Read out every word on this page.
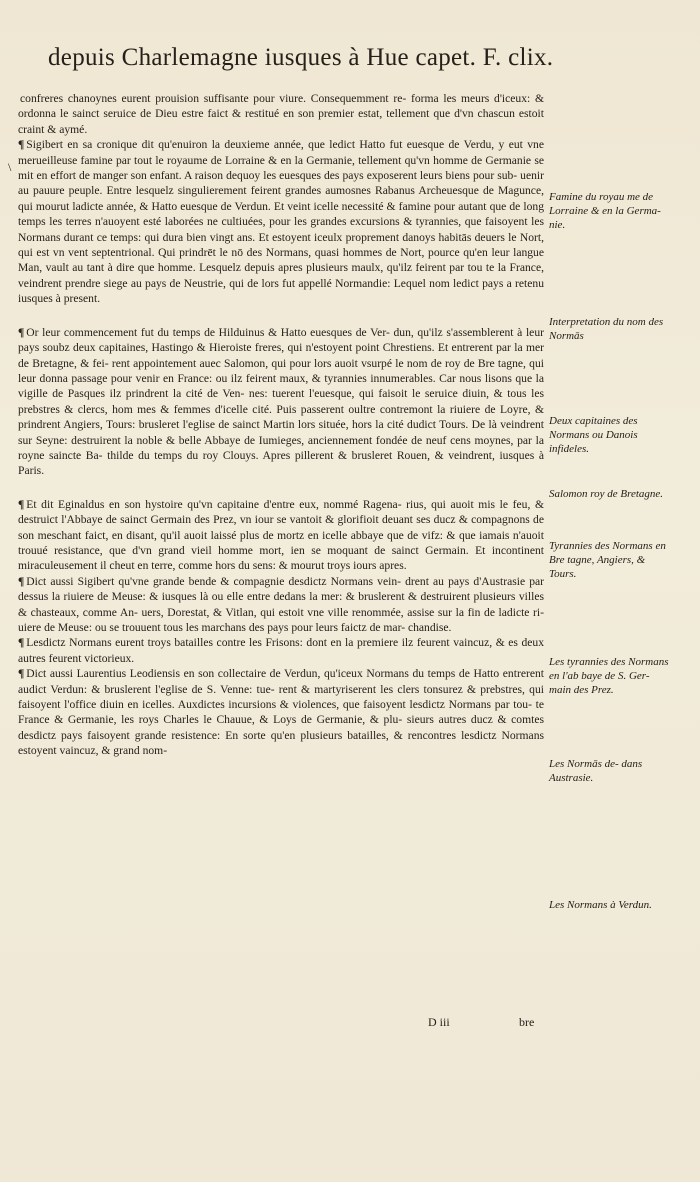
depuis Charlemagne iusques à Hue capet. F. clix.
\

confreres chanoynes eurent prouision suffisante pour viure. Consequemment re- forma les meurs d'iceux: & ordonna le sainct seruice de Dieu estre faict & restitué en son premier estat, tellement que d'vn chascun estoit craint & aymé.

¶ Sigibert en sa cronique dit qu'enuiron la deuxieme année, que ledict Hatto fut euesque de Verdu, y eut vne merueilleuse famine par tout le royaume de Lorraine & en la Germanie, tellement qu'vn homme de Germanie se mit en effort de manger son enfant. A raison dequoy les euesques des pays exposerent leurs biens pour sub- uenir au pauure peuple. Entre lesquelz singulierement feirent grandes aumosnes Rabanus Archeuesque de Magunce, qui mourut ladicte année, & Hatto euesque de Verdun. Et veint icelle necessité & famine pour autant que de long temps les terres n'auoyent esté laborées ne cultiuées, pour les grandes excursions & tyrannies, que faisoyent les Normans durant ce temps: qui dura bien vingt ans. Et estoyent iceulx proprement danoys habitās deuers le Nort, qui est vn vent septentrional. Qui prindrēt le nō des Normans, quasi hommes de Nort, pource qu'en leur langue Man, vault au tant à dire que homme. Lesquelz depuis apres plusieurs maulx, qu'ilz feirent par tou te la France, veindrent prendre siege au pays de Neustrie, qui de lors fut appellé Normandie: Lequel nom ledict pays a retenu iusques à present.

¶ Or leur commencement fut du temps de Hilduinus & Hatto euesques de Ver- dun, qu'ilz s'assemblerent à leur pays soubz deux capitaines, Hastingo & Hieroiste freres, qui n'estoyent point Chrestiens. Et entrerent par la mer de Bretagne, & fei- rent appointement auec Salomon, qui pour lors auoit vsurpé le nom de roy de Bre tagne, qui leur donna passage pour venir en France: ou ilz feirent maux, & tyrannies innumerables. Car nous lisons que la vigille de Pasques ilz prindrent la cité de Ven- nes: tuerent l'euesque, qui faisoit le seruice diuin, & tous les prebstres & clercs, hom mes & femmes d'icelle cité. Puis passerent oultre contremont la riuiere de Loyre, & prindrent Angiers, Tours: brusleret l'eglise de sainct Martin lors située, hors la cité dudict Tours. De là veindrent sur Seyne: destruirent la noble & belle Abbaye de Iumieges, anciennement fondée de neuf cens moynes, par la royne saincte Ba- thilde du temps du roy Clouys. Apres pillerent & brusleret Rouen, & veindrent, iusques à Paris.

¶ Et dit Eginaldus en son hystoire qu'vn capitaine d'entre eux, nommé Ragena- rius, qui auoit mis le feu, & destruict l'Abbaye de sainct Germain des Prez, vn iour se vantoit & glorifioit deuant ses ducz & compagnons de son meschant faict, en disant, qu'il auoit laissé plus de mortz en icelle abbaye que de vifz: & que iamais n'auoit trouué resistance, que d'vn grand vieil homme mort, ien se moquant de sainct Germain. Et incontinent miraculeusement il cheut en terre, comme hors du sens: & mourut troys iours apres.

¶ Dict aussi Sigibert qu'vne grande bende & compagnie desdictz Normans vein- drent au pays d'Austrasie par dessus la riuiere de Meuse: & iusques là ou elle entre dedans la mer: & bruslerent & destruirent plusieurs villes & chasteaux, comme An- uers, Dorestat, & Vitlan, qui estoit vne ville renommée, assise sur la fin de ladicte ri- uiere de Meuse: ou se trouuent tous les marchans des pays pour leurs faictz de mar- chandise.

¶ Lesdictz Normans eurent troys batailles contre les Frisons: dont en la premiere ilz feurent vaincuz, & es deux autres feurent victorieux.

¶ Dict aussi Laurentius Leodiensis en son collectaire de Verdun, qu'iceux Normans du temps de Hatto entrerent audict Verdun: & bruslerent l'eglise de S. Venne: tue- rent & martyriserent les clers tonsurez & prebstres, qui faisoyent l'office diuin en icelles. Auxdictes incursions & violences, que faisoyent lesdictz Normans par tou- te France & Germanie, les roys Charles le Chauue, & Loys de Germanie, & plu- sieurs autres ducz & comtes desdictz pays faisoyent grande resistence: En sorte qu'en plusieurs batailles, & rencontres lesdictz Normans estoyent vaincuz, & grand nom-

Famine du royau me de Lorraine & en la Germa- nie.
Interpretation du nom des Normās
Deux capitaines des Normans ou Danois infideles.
Salomon roy de Bretagne.
Tyrannies des Normans en Bre tagne, Angiers, & Tours.
Les tyrannies des Normans en l'ab baye de S. Ger- main des Prez.
Les Normās de- dans Austrasie.
Les Normans à Verdun.
D iii	bre
